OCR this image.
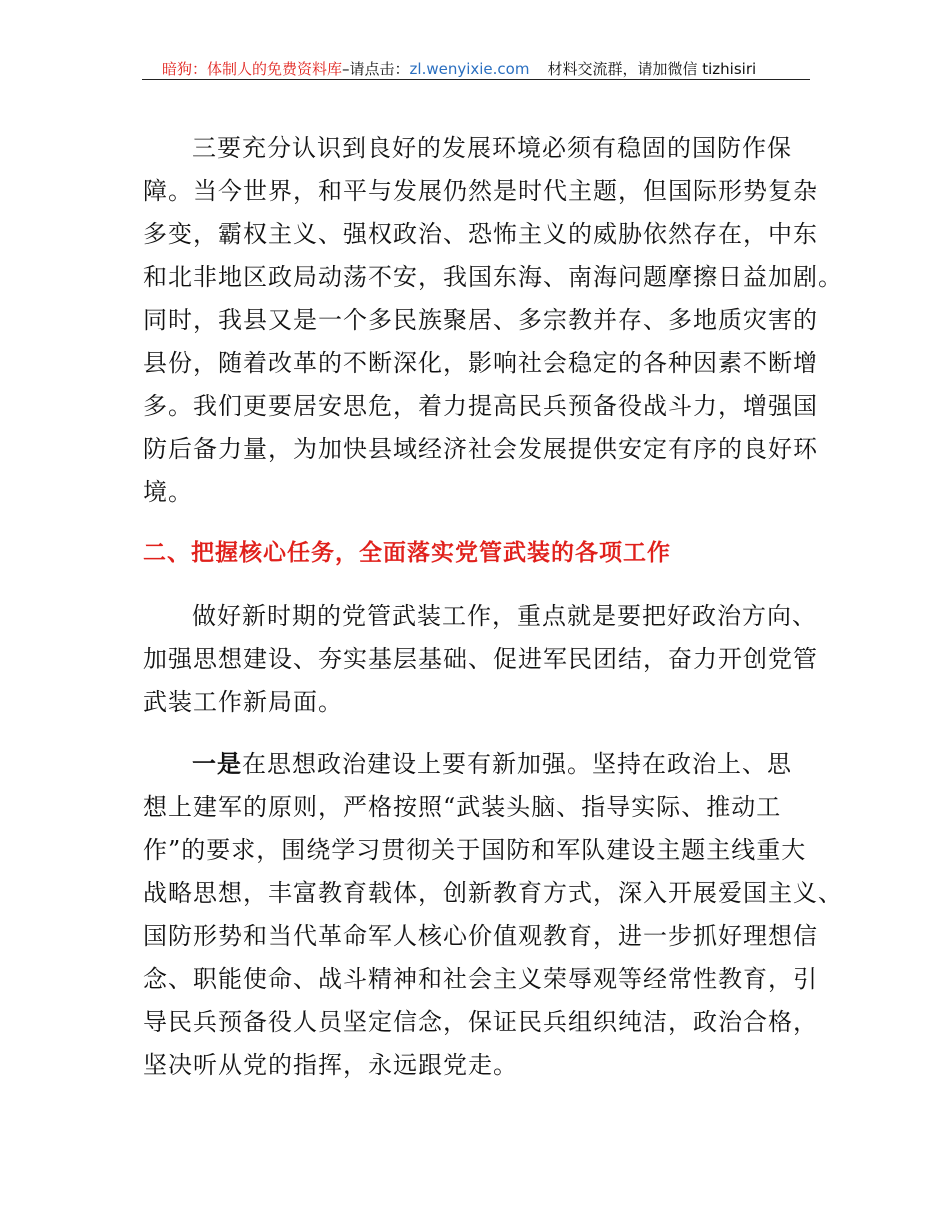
暗狗：体制人的免费资料库–请点击：zl.wenyixie.com 材料交流群，请加微信 tizhisiri
三要充分认识到良好的发展环境必须有稳固的国防作保
障。当今世界，和平与发展仍然是时代主题，但国际形势复杂
多变，霸权主义、强权政治、恐怖主义的威胁依然存在，中东
和北非地区政局动荡不安，我国东海、南海问题摩擦日益加剧。
同时，我县又是一个多民族聚居、多宗教并存、多地质灾害的
县份，随着改革的不断深化，影响社会稳定的各种因素不断增
多。我们更要居安思危，着力提高民兵预备役战斗力，增强国
防后备力量，为加快县域经济社会发展提供安定有序的良好环
境。
二、把握核心任务，全面落实党管武装的各项工作
做好新时期的党管武装工作，重点就是要把好政治方向、
加强思想建设、夯实基层基础、促进军民团结，奋力开创党管
武装工作新局面。
一是在思想政治建设上要有新加强。坚持在政治上、思
想上建军的原则，严格按照“武装头脑、指导实际、推动工
作”的要求，围绕学习贯彻关于国防和军队建设主题主线重大
战略思想，丰富教育载体，创新教育方式，深入开展爱国主义、
国防形势和当代革命军人核心价值观教育，进一步抓好理想信
念、职能使命、战斗精神和社会主义荣辱观等经常性教育，引
导民兵预备役人员坚定信念，保证民兵组织纯洁，政治合格，
坚决听从党的指挥，永远跟党走。
